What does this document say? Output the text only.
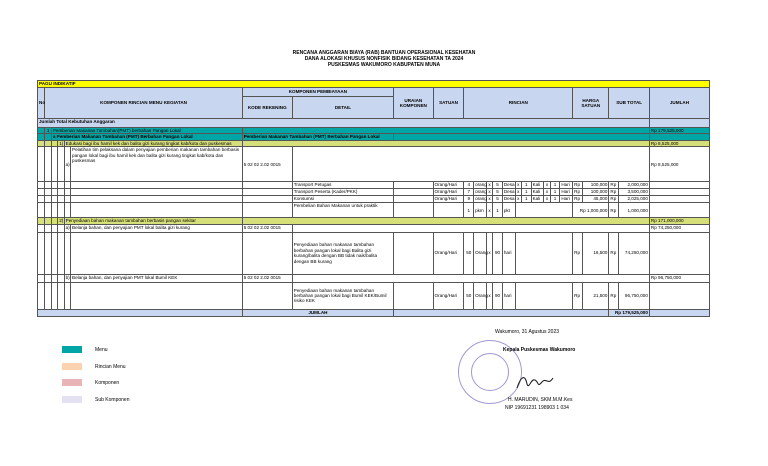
RENCANA ANGGARAN BIAYA (RAB) BANTUAN OPERASIONAL KESEHATAN
DANA ALOKASI KHUSUS NONFISIK BIDANG KESEHATAN TA 2024
PUSKESMAS WAKUMORO KABUPATEN MUNA
PAGU INDIKATIF																									
No	KOMPONEN RINCIAN MENU KEGIATAN					KOMPONEN PEMBIAYAAN		URAIAN KOMPONEN	SATUAN	RINCIAN											HARGA SATUAN		SUB TOTAL		JUMLAH
						KODE REKENING	DETAIL																		
Jumlah Total Kebutuhan Anggaran																									
	1	Pemberian Makanan Tambahan(PMT) berbahan Pangan Lokal																							Rp 179,525,000
		a Pemberian Makanan Tambahan (PMT) Berbahan Pangan Lokal				Pemberian Makanan Tambahan (PMT) Berbahan Pangan Lokal																			
			1)	Edukasi bagi ibu hamil kek dan balita gizi kurang tingkat kab/kota dan puskesmas																					Rp 8,525,000
				a)	Pelatihan tim pelaksana dalam penyajian pemberian makanan tambahan berbasis pangan lokal bagi ibu hamil kek dan balita gizi kurang tingkat kab/kota dan puskesmas	5 02 02 2.02 0015																			Rp 8,525,000
							Transport Petugas		Orang/Hari	4	orang	x	5	Desa	x	1	Kali	x	1	Hari	Rp	100,000	Rp	2,000,000	
							Transport Peserta (Kader/PKK)		Orang/Hari	7	orang	x	5	Desa	x	1	Kali	x	1	Hari	Rp	100,000	Rp	3,500,000	
							Konsumsi		Orang/Hari	9	orang	x	5	Desa	x	1	Kali	x	1	Hari	Rp	45,000	Rp	2,025,000	
							Pembelian Bahan Makanan untuk praktik			1	pkm	x	1	pkt							Rp 1,000,000		Rp	1,000,000	
			2)	Penyediaan bahan makanan tambahan berbasis pangan sekitar																					Rp 171,000,000
				a)	Belanja bahan, dan penyajian PMT lokal balita gizi kurang	5 02 02 2.02 0015																			Rp 74,250,000
							Penyediaan bahan makanan tambahan berbahan pangan lokal bagi Balita gizi kurang/balita dengan BB tidak naik/balita dengan BB kurang		Orang/Hari	50	Orang	x	90	hari							Rp	16,500	Rp	74,250,000	
				b)	Belanja bahan, dan penyajian PMT lokal Bumil KEK	5 02 02 2.02 0015																			Rp 96,750,000
							Penyediaan bahan makanan tambahan berbahan pangan lokal bagi Bumil KEK/Bumil risiko KEK		Orang/Hari	50	Orang	x	90	hari							Rp	21,500	Rp	96,750,000	
						JUMLAH																	Rp 179,525,000		
Menu
Rincian Menu
Komponen
Sub Komponen
Wakumoro, 31 Agustus 2023
Kepala Puskesmas Wakumoro
H. MARUDIN, SKM.M.M.Kes
NIP 19691231 198903 1 034
